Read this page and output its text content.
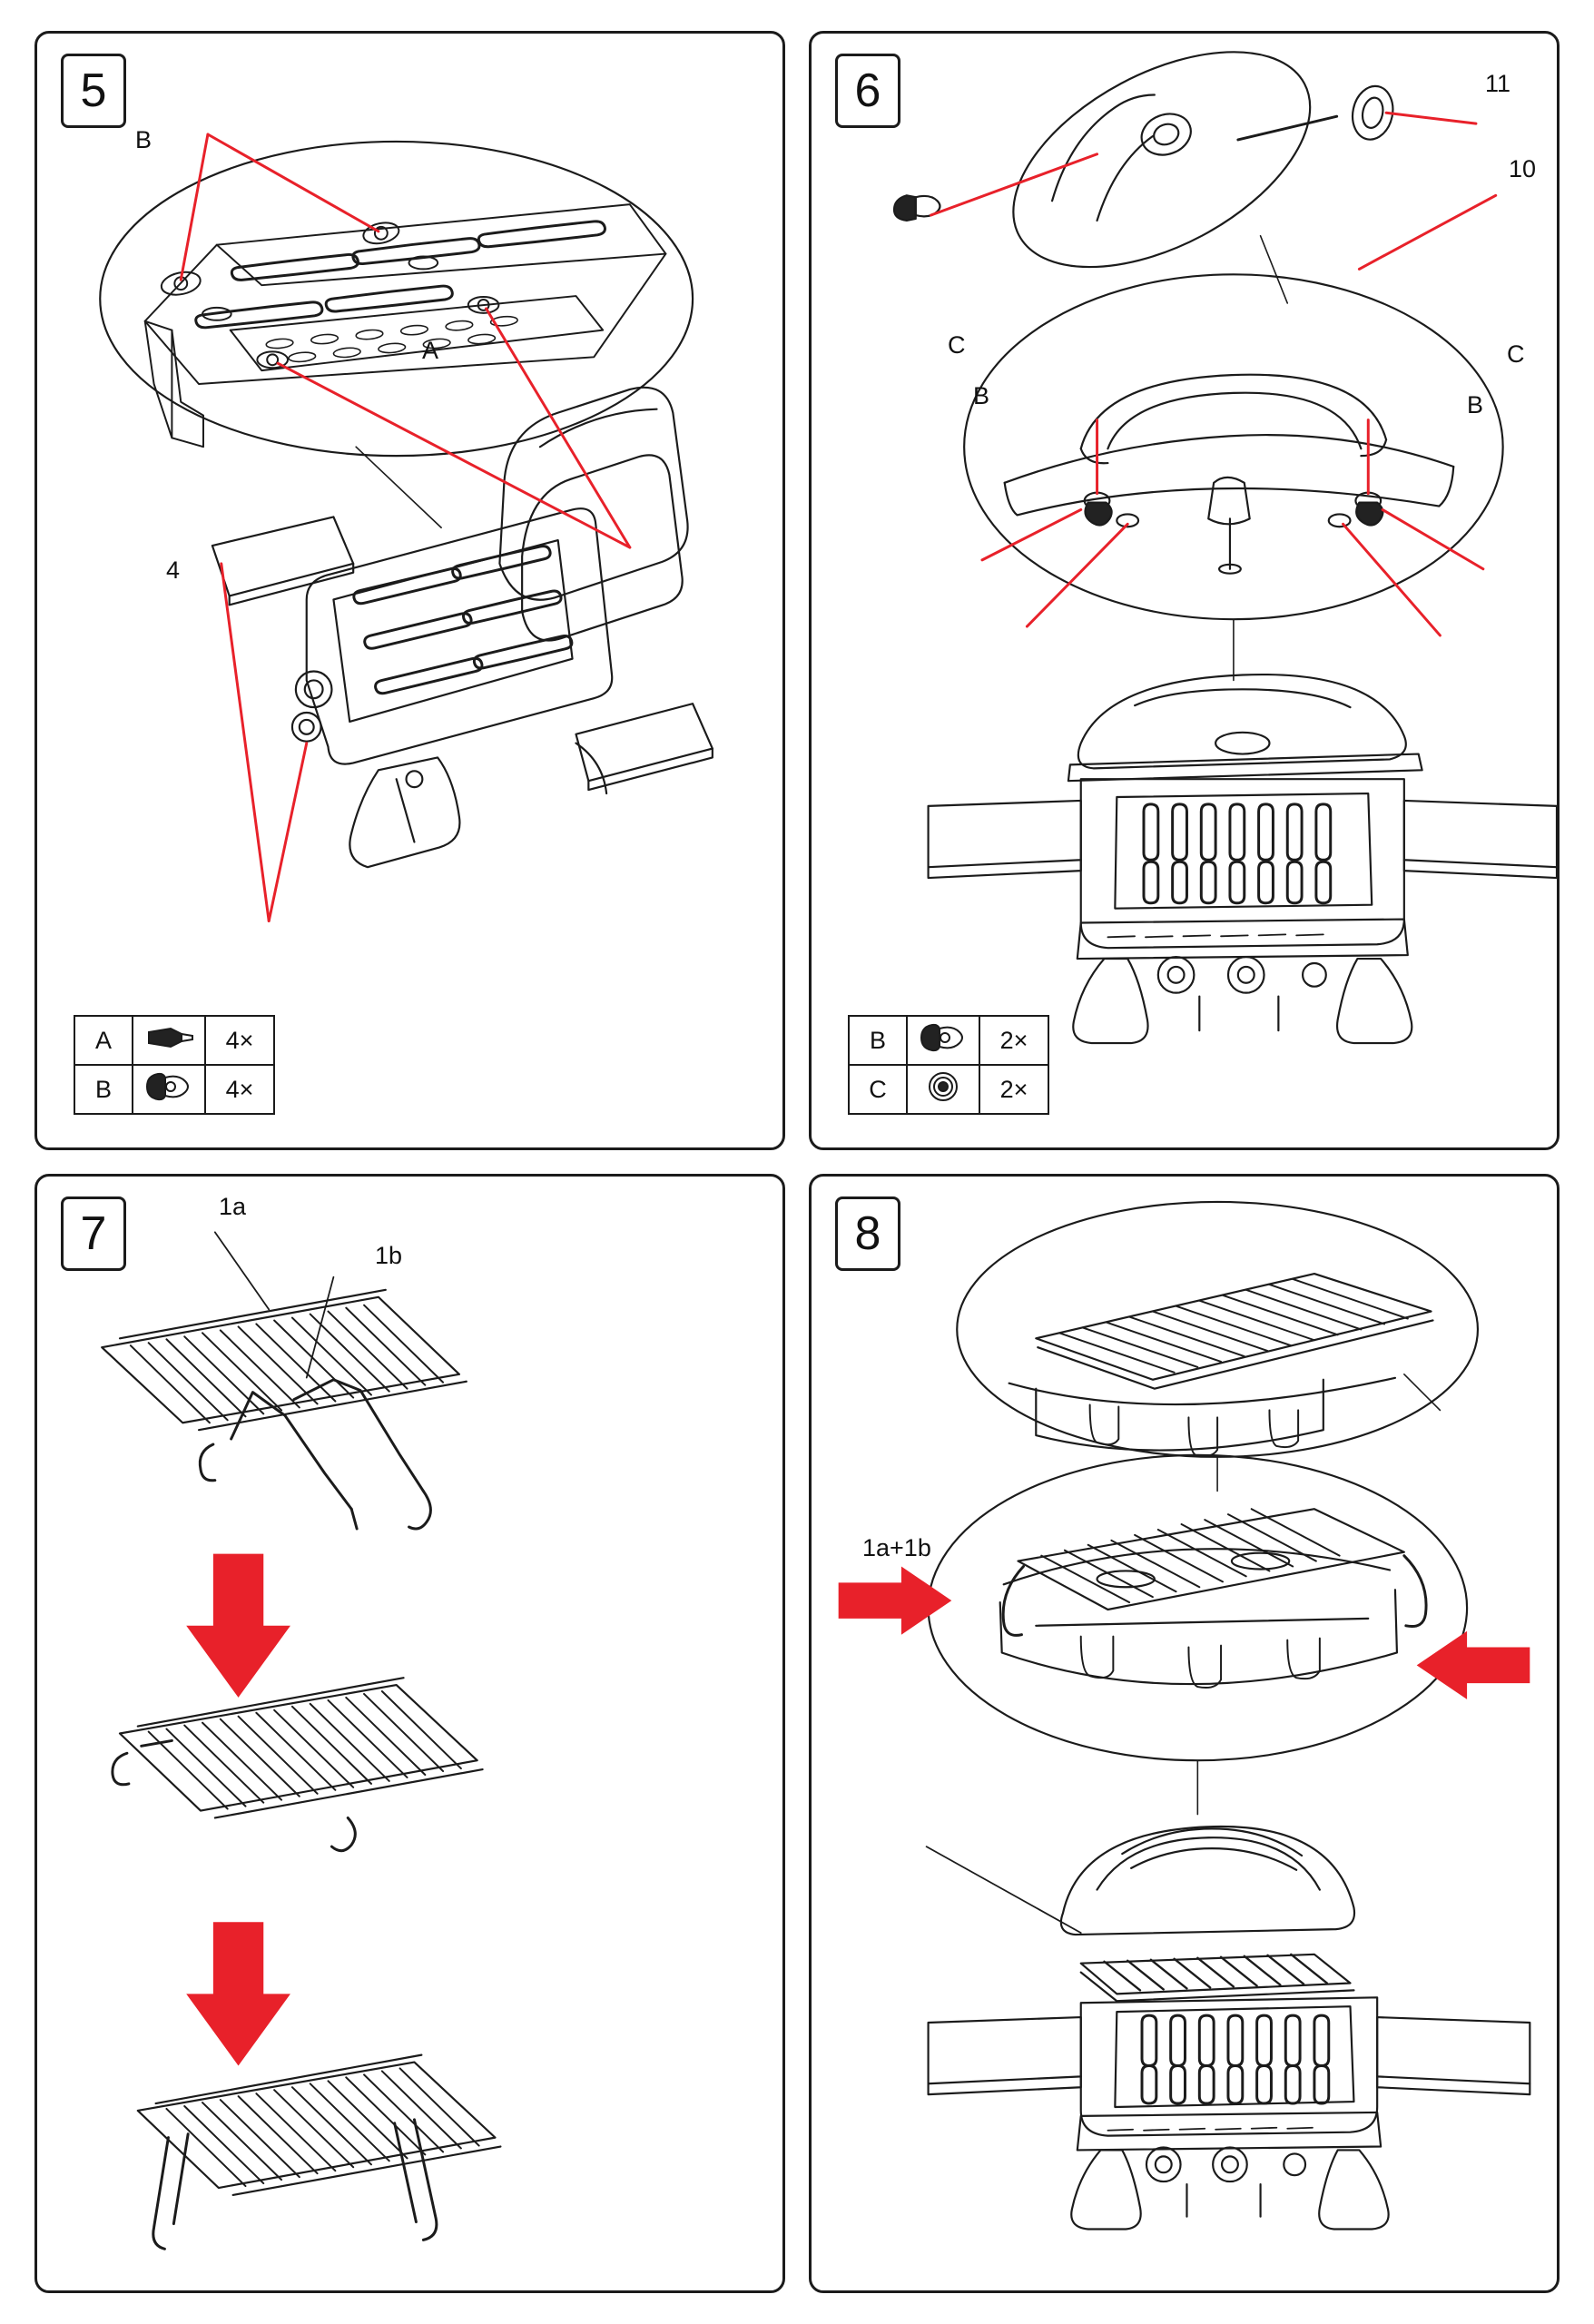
5
B
A
4
A		4×
B		4×
6	11
10
C	C
B	B
B		2×
C		2×
7
1a
1b	8
1a+1b
